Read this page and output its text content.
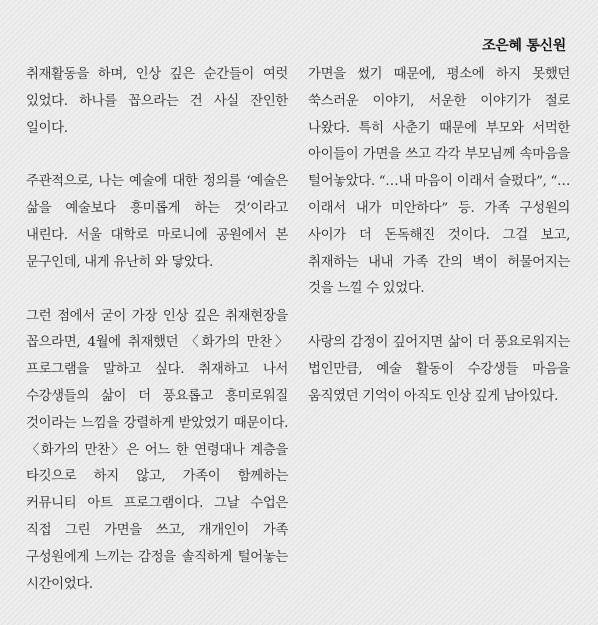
조은혜 통신원

취재활동을 하며, 인상 깊은 순간들이 여럿 있었다. 하나를 꼽으라는 건 사실 잔인한 일이다.

주관적으로, 나는 예술에 대한 정의를 ‘예술은 삶을 예술보다 흥미롭게 하는 것’이라고 내린다. 서울 대학로 마로니에 공원에서 본 문구인데, 내게 유난히 와 닿았다.

그런 점에서 굳이 가장 인상 깊은 취재현장을 꼽으라면, 4월에 취재했던 〈화가의 만찬〉 프로그램을 말하고 싶다. 취재하고 나서 수강생들의 삶이 더 풍요롭고 흥미로워질 것이라는 느낌을 강렬하게 받았었기 때문이다. 〈화가의 만찬〉은 어느 한 연령대나 계층을 타깃으로 하지 않고, 가족이 함께하는 커뮤니티 아트 프로그램이다. 그날 수업은 직접 그린 가면을 쓰고, 개개인이 가족 구성원에게 느끼는 감정을 솔직하게 털어놓는 시간이었다.

가면을 썼기 때문에, 평소에 하지 못했던 쑥스러운 이야기, 서운한 이야기가 절로 나왔다. 특히 사춘기 때문에 부모와 서먹한 아이들이 가면을 쓰고 각각 부모님께 속마음을 털어놓았다. “…내 마음이 이래서 슬펐다”, “…이래서 내가 미안하다” 등. 가족 구성원의 사이가 더 돈독해진 것이다. 그걸 보고, 취재하는 내내 가족 간의 벽이 허물어지는 것을 느낄 수 있었다.

사랑의 감정이 깊어지면 삶이 더 풍요로워지는 법인만큼, 예술 활동이 수강생들 마음을 움직였던 기억이 아직도 인상 깊게 남아있다.
